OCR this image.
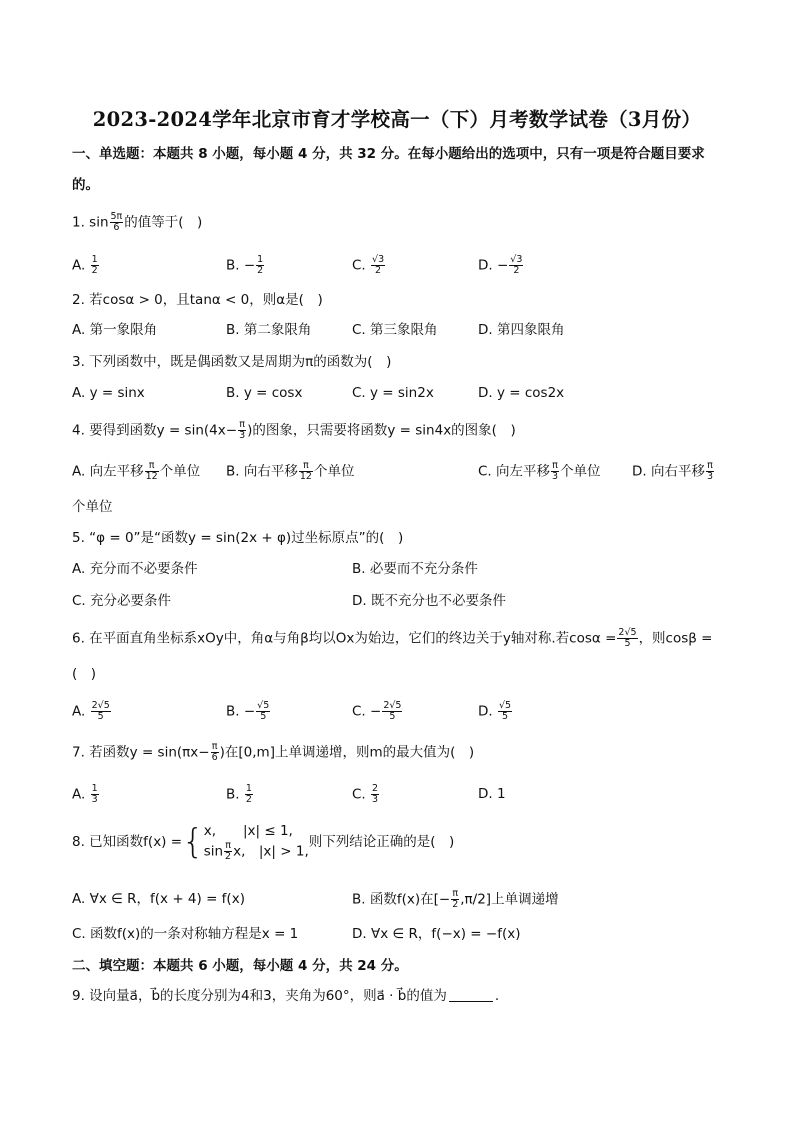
2023-2024学年北京市育才学校高一（下）月考数学试卷（3月份）
一、单选题：本题共 8 小题，每小题 4 分，共 32 分。在每小题给出的选项中，只有一项是符合题目要求
的。
1. $\sin \frac{5\pi}{6}$ 的值等于(　)
A. $\frac{1}{2}$	B. − $\frac{1}{2}$	C. $\frac{√3}{2}$	D. − $\frac{√3}{2}$
2. 若cosα > 0，且tanα < 0，则α是(　)
A. 第一象限角	B. 第二象限角	C. 第三象限角	D. 第四象限角
3. 下列函数中，既是偶函数又是周期为π的函数为(　)
A. y = sinx	B. y = cosx	C. y = sin2x	D. y = cos2x
4. 要得到函数$y = \sin(4x- \frac{\pi}{3}$ )的图象，只需要将函数y = sin4x的图象(　)
A. 向左平移 $\frac{\pi}{12}$ 个单位 B. 向右平移 $\frac{\pi}{12}$ 个单位	C. 向左平移 $\frac{\pi}{3}$ 个单位 D. 向右平移 $\frac{\pi}{3}$
个单位
5. “φ = 0”是“函数y = sin(2x + φ)过坐标原点”的(　)
A. 充分而不必要条件	B. 必要而不充分条件
C. 充分必要条件	D. 既不充分也不必要条件
6. 在平面直角坐标系xOy中，角α与角β均以Ox为始边，它们的终边关于y轴对称.若$\cos\alpha = \frac{2√5}{5}$ ，则cosβ =
(　)
A. $\frac{2√5}{5}$	B. − $\frac{√5}{5}$	C. − $\frac{2√5}{5}$	D. $\frac{√5}{5}$
7. 若函数$y = \sin(\pi x- \frac{\pi}{6}$ )在[0,m]上单调递增，则m的最大值为(　)
A. $\frac{1}{3}$	B. $\frac{1}{2}$	C. $\frac{2}{3}$	D. 1
8. 已知函数f(x) = { x,　　|x| ≤ 1,
$\sin \frac{\pi}{2} x$,　|x| > 1,
则下列结论正确的是(　)
A. ∀x ∈ R，f(x + 4) = f(x)	B. 函数f(x)在[− $\frac{\pi}{2} ,\pi/2$]上单调递增
C. 函数f(x)的一条对称轴方程是x = 1	D. ∀x ∈ R，f(−x) = −f(x)
二、填空题：本题共 6 小题，每小题 4 分，共 24 分。
9. 设向量a⃗，b⃗的长度分别为4和3，夹角为60°，则a⃗ · b⃗的值为	.
